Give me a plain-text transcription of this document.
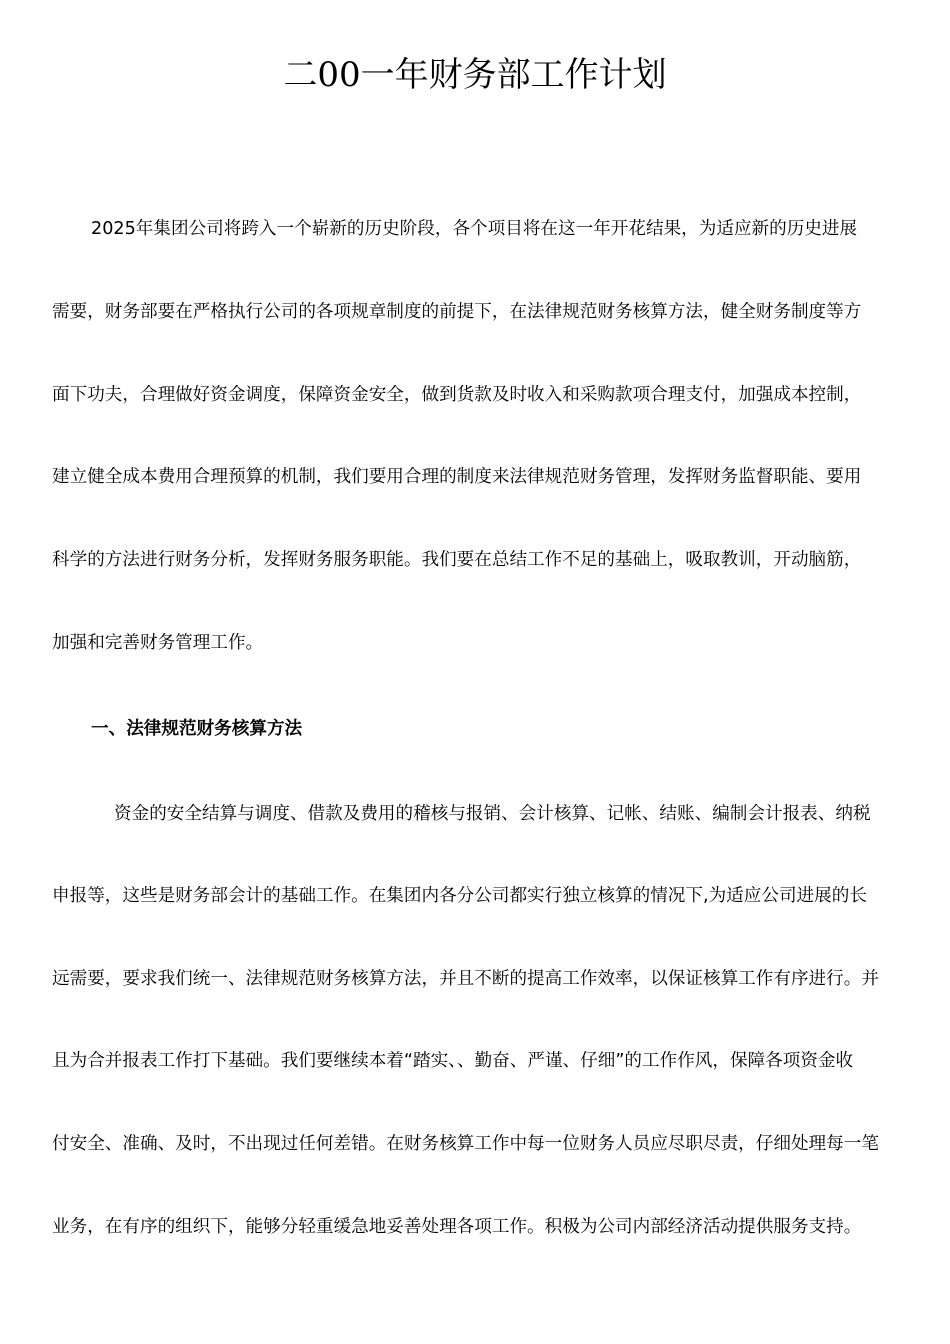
二00一年财务部工作计划
2025年集团公司将跨入一个崭新的历史阶段，各个项目将在这一年开花结果，为适应新的历史进展
需要，财务部要在严格执行公司的各项规章制度的前提下，在法律规范财务核算方法，健全财务制度等方
面下功夫，合理做好资金调度，保障资金安全，做到货款及时收入和采购款项合理支付，加强成本控制，
建立健全成本费用合理预算的机制，我们要用合理的制度来法律规范财务管理，发挥财务监督职能、要用
科学的方法进行财务分析，发挥财务服务职能。我们要在总结工作不足的基础上，吸取教训，开动脑筋，
加强和完善财务管理工作。
一、法律规范财务核算方法
资金的安全结算与调度、借款及费用的稽核与报销、会计核算、记帐、结账、编制会计报表、纳税
申报等，这些是财务部会计的基础工作。在集团内各分公司都实行独立核算的情况下,为适应公司进展的长
远需要，要求我们统一、法律规范财务核算方法，并且不断的提高工作效率，以保证核算工作有序进行。并
且为合并报表工作打下基础。我们要继续本着“踏实、、勤奋、严谨、仔细”的工作作风，保障各项资金收
付安全、准确、及时，不出现过任何差错。在财务核算工作中每一位财务人员应尽职尽责，仔细处理每一笔
业务，在有序的组织下，能够分轻重缓急地妥善处理各项工作。积极为公司内部经济活动提供服务支持。
